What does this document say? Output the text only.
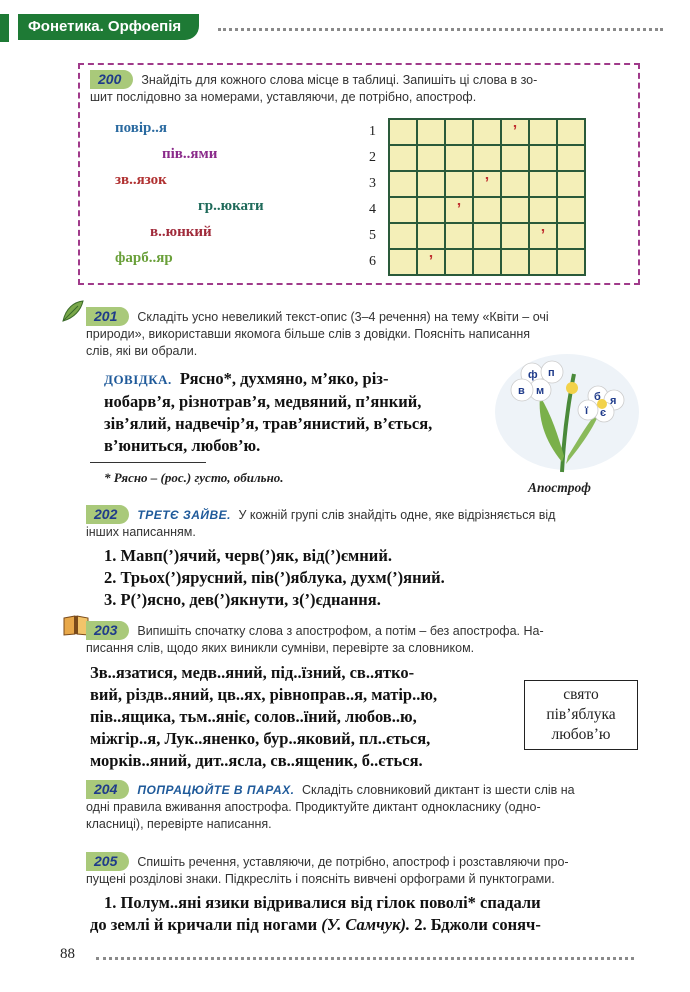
Фонетика. Орфоепія
200 Знайдіть для кожного слова місце в таблиці. Запишіть ці слова в зо-
шит послідовно за номерами, уставляючи, де потрібно, апостроф.
повір..я
пів..ями
зв..язок
гр..юкати
в..юнкий
фарб..яр
1					’		
2							
3				’			
4			’				
5						’	
6		’					
201 Складіть усно невеликий текст-опис (3–4 речення) на тему «Квіти – очі
природи», використавши якомога більше слів з довідки. Поясніть написання
слів, які ви обрали.
ДОВІДКА. Рясно*, духмяно, м’яко, різ-
нобарв’я, різнотрав’я, медвяний, п’янкий,
зів’ялий, надвечір’я, трав’янистий, в’ється,
в’юниться, любов’ю.
* Рясно – (рос.) густо, обильно.
ф п
м
в	б я
є
ї
Апостроф
202 ТРЕТЄ ЗАЙВЕ. У кожній групі слів знайдіть одне, яке відрізняється від
інших написанням.
1. Мавп(’)ячий, черв(’)як, від(’)ємний.
2. Трьох(’)ярусний, пів(’)яблука, духм(’)яний.
3. Р(’)ясно, дев(’)якнути, з(’)єднання.
203 Випишіть спочатку слова з апострофом, а потім – без апострофа. На-
писання слів, щодо яких виникли сумніви, перевірте за словником.
Зв..язатися, медв..яний, під..їзний, св..ятко-
вий, різдв..яний, цв..ях, рівноправ..я, матір..ю,
пів..ящика, тьм..яніє, солов..їний, любов..ю,
міжгір..я, Лук..яненко, бур..яковий, пл..ється,
морків..яний, дит..ясла, св..ященик, б..ється.
свято
пів’яблука
любов’ю
204 ПОПРАЦЮЙТЕ В ПАРАХ. Складіть словниковий диктант із шести слів на
одні правила вживання апострофа. Продиктуйте диктант однокласнику (одно-
класниці), перевірте написання.
205 Спишіть речення, уставляючи, де потрібно, апостроф і розставляючи про-
пущені розділові знаки. Підкресліть і поясніть вивчені орфограми й пунктограми.
1. Полум..яні язики відривалися від гілок поволі* спадали
до землі й кричали під ногами (У. Самчук). 2. Бджоли соняч-
88
